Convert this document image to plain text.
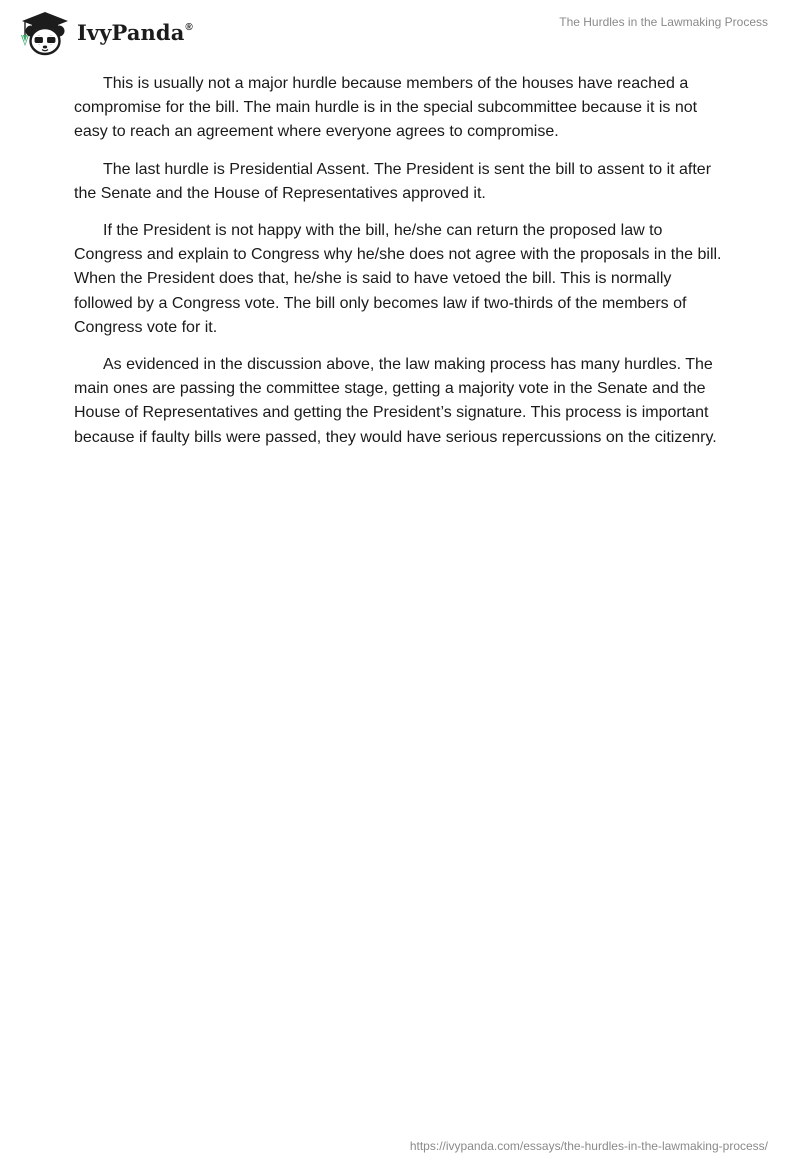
IvyPanda®	The Hurdles in the Lawmaking Process

This is usually not a major hurdle because members of the houses have reached a compromise for the bill. The main hurdle is in the special subcommittee because it is not easy to reach an agreement where everyone agrees to compromise.

The last hurdle is Presidential Assent. The President is sent the bill to assent to it after the Senate and the House of Representatives approved it.

If the President is not happy with the bill, he/she can return the proposed law to Congress and explain to Congress why he/she does not agree with the proposals in the bill. When the President does that, he/she is said to have vetoed the bill. This is normally followed by a Congress vote. The bill only becomes law if two-thirds of the members of Congress vote for it.

As evidenced in the discussion above, the law making process has many hurdles. The main ones are passing the committee stage, getting a majority vote in the Senate and the House of Representatives and getting the President’s signature. This process is important because if faulty bills were passed, they would have serious repercussions on the citizenry.

https://ivypanda.com/essays/the-hurdles-in-the-lawmaking-process/
